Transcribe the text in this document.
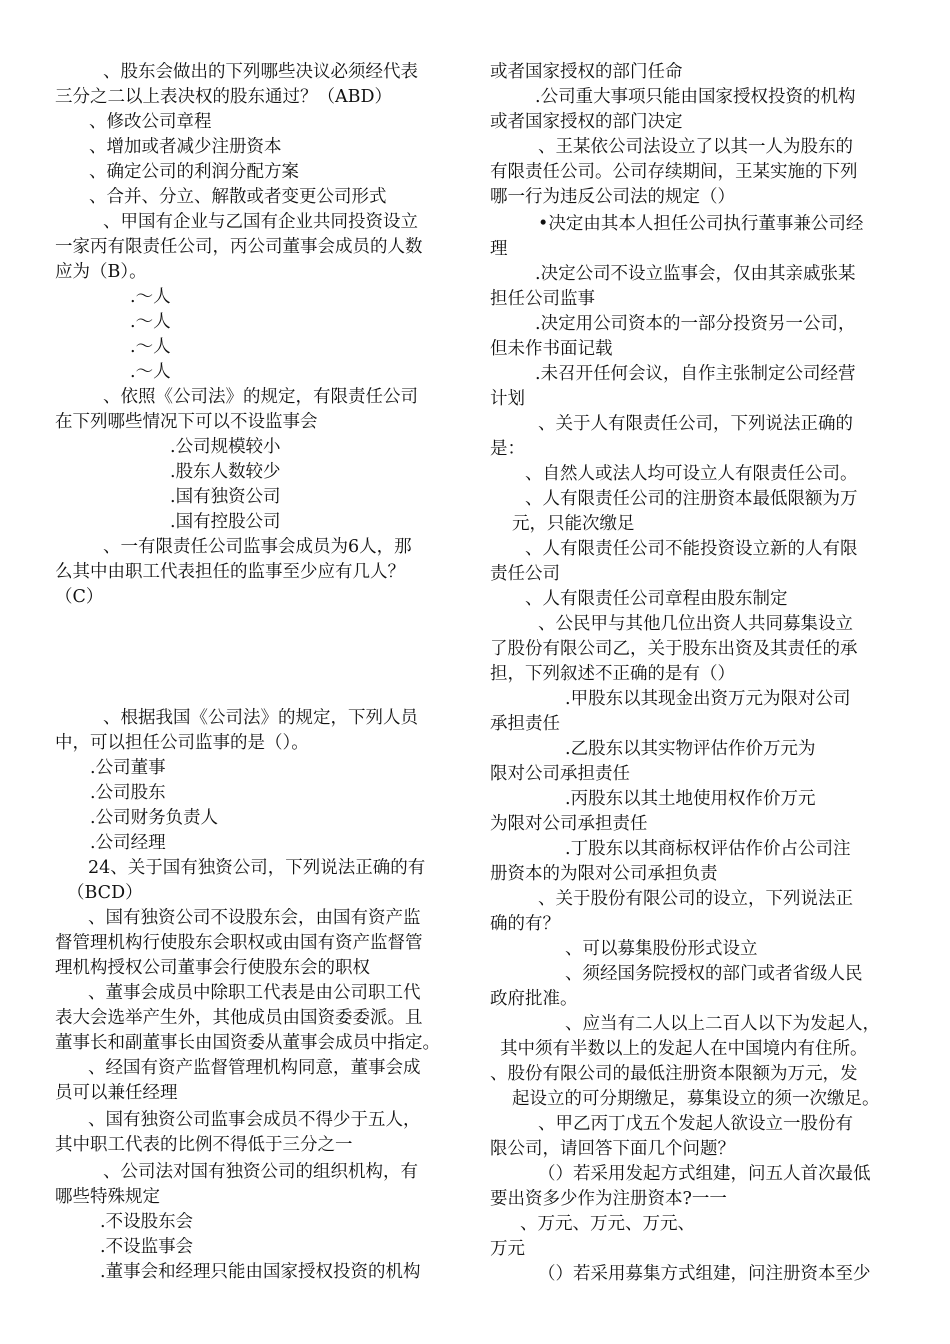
、股东会做出的下列哪些决议必须经代表
三分之二以上表决权的股东通过？（ABD）
、修改公司章程
、增加或者减少注册资本
、确定公司的利润分配方案
、合并、分立、解散或者变更公司形式
、甲国有企业与乙国有企业共同投资设立
一家丙有限责任公司，丙公司董事会成员的人数
应为（B）。
.〜人
.〜人
.〜人
.〜人
、依照《公司法》的规定，有限责任公司
在下列哪些情况下可以不设监事会
.公司规模较小
.股东人数较少
.国有独资公司
.国有控股公司
、一有限责任公司监事会成员为6人，那
么其中由职工代表担任的监事至少应有几人？
（C）
、根据我国《公司法》的规定，下列人员
中，可以担任公司监事的是（）。
.公司董事
.公司股东
.公司财务负责人
.公司经理
24、关于国有独资公司，下列说法正确的有
（BCD）
、国有独资公司不设股东会，由国有资产监
督管理机构行使股东会职权或由国有资产监督管
理机构授权公司董事会行使股东会的职权
、董事会成员中除职工代表是由公司职工代
表大会选举产生外，其他成员由国资委委派。且
董事长和副董事长由国资委从董事会成员中指定。
、经国有资产监督管理机构同意，董事会成
员可以兼任经理
、国有独资公司监事会成员不得少于五人，
其中职工代表的比例不得低于三分之一
、公司法对国有独资公司的组织机构，有
哪些特殊规定
.不设股东会
.不设监事会
.董事会和经理只能由国家授权投资的机构
或者国家授权的部门任命
.公司重大事项只能由国家授权投资的机构
或者国家授权的部门决定
、王某依公司法设立了以其一人为股东的
有限责任公司。公司存续期间，王某实施的下列
哪一行为违反公司法的规定（）
•决定由其本人担任公司执行董事兼公司经
理
.决定公司不设立监事会，仅由其亲戚张某
担任公司监事
.决定用公司资本的一部分投资另一公司，
但未作书面记载
.未召开任何会议，自作主张制定公司经营
计划
、关于人有限责任公司，下列说法正确的
是：
、自然人或法人均可设立人有限责任公司。
、人有限责任公司的注册资本最低限额为万
元，只能次缴足
、人有限责任公司不能投资设立新的人有限
责任公司
、人有限责任公司章程由股东制定
、公民甲与其他几位出资人共同募集设立
了股份有限公司乙，关于股东出资及其责任的承
担，下列叙述不正确的是有（）
.甲股东以其现金出资万元为限对公司
承担责任
.乙股东以其实物评估作价万元为
限对公司承担责任
.丙股东以其土地使用权作价万元
为限对公司承担责任
.丁股东以其商标权评估作价占公司注
册资本的为限对公司承担负责
、关于股份有限公司的设立，下列说法正
确的有？
、可以募集股份形式设立
、须经国务院授权的部门或者省级人民
政府批准。
、应当有二人以上二百人以下为发起人，
其中须有半数以上的发起人在中国境内有住所。
、股份有限公司的最低注册资本限额为万元，发
起设立的可分期缴足，募集设立的须一次缴足。
、甲乙丙丁戊五个发起人欲设立一股份有
限公司，请回答下面几个问题？
（）若采用发起方式组建，问五人首次最低
要出资多少作为注册资本?一一
、万元、万元、万元、
万元
（）若采用募集方式组建，问注册资本至少
